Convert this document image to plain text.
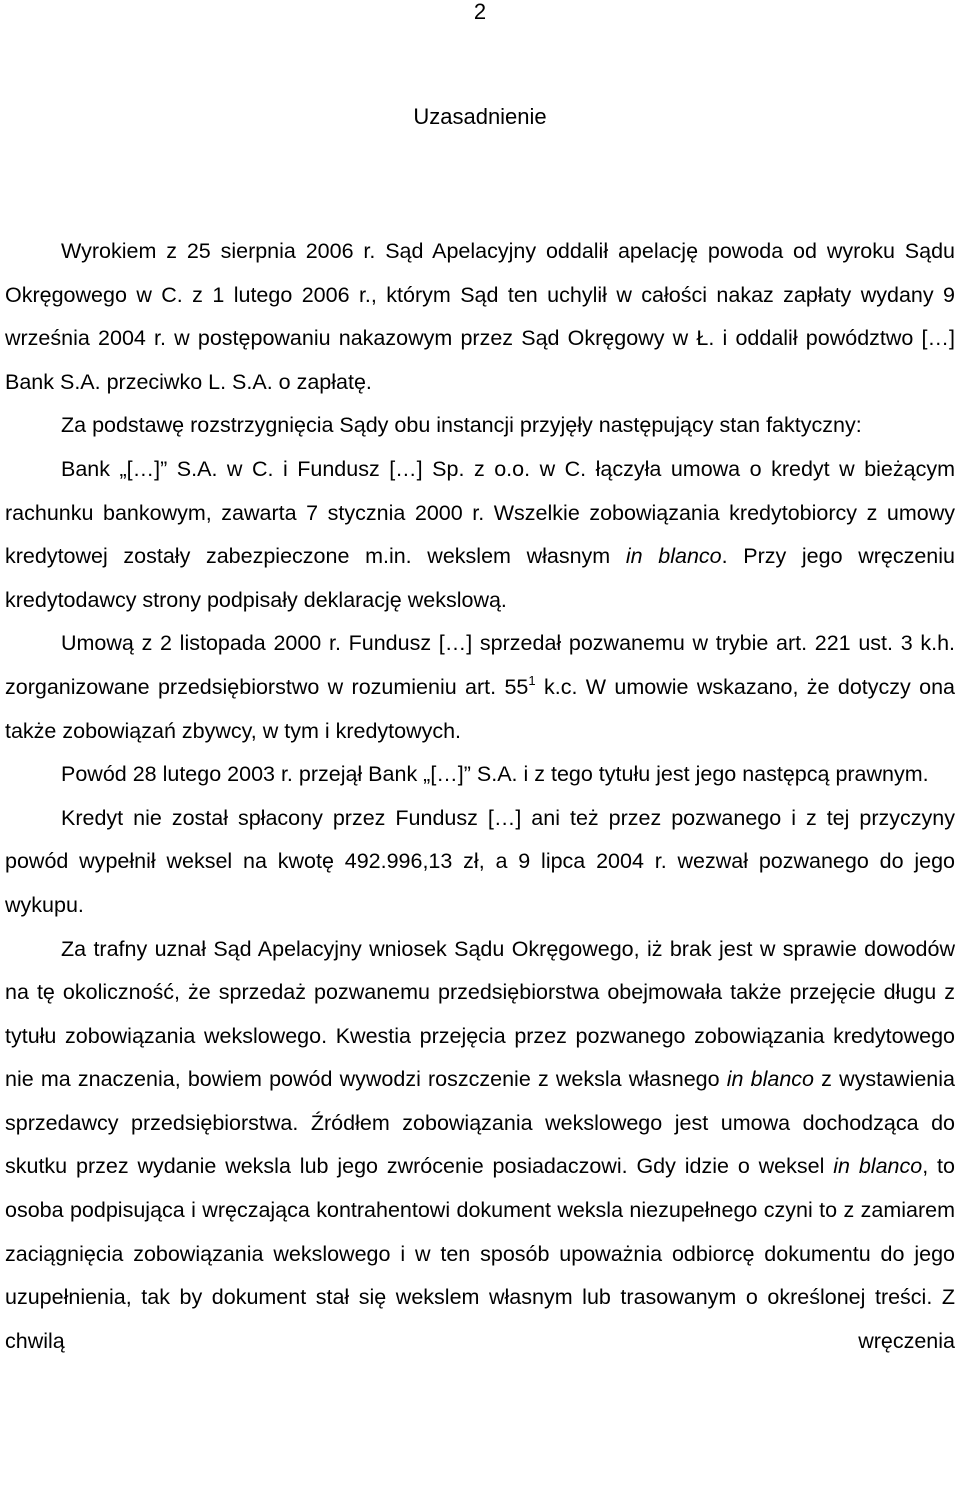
2
Uzasadnienie

Wyrokiem z 25 sierpnia 2006 r. Sąd Apelacyjny oddalił apelację powoda od wyroku Sądu Okręgowego w C. z 1 lutego 2006 r., którym Sąd ten uchylił w całości nakaz zapłaty wydany 9 września 2004 r. w postępowaniu nakazowym przez Sąd Okręgowy w Ł. i oddalił powództwo […] Bank S.A. przeciwko L. S.A. o zapłatę.

Za podstawę rozstrzygnięcia Sądy obu instancji przyjęły następujący stan faktyczny:

Bank „[…]” S.A. w C. i Fundusz […] Sp. z o.o. w C. łączyła umowa o kredyt w bieżącym rachunku bankowym, zawarta 7 stycznia 2000 r. Wszelkie zobowiązania kredytobiorcy z umowy kredytowej zostały zabezpieczone m.in. wekslem własnym in blanco. Przy jego wręczeniu kredytodawcy strony podpisały deklarację wekslową.

Umową z 2 listopada 2000 r. Fundusz […] sprzedał pozwanemu w trybie art. 221 ust. 3 k.h. zorganizowane przedsiębiorstwo w rozumieniu art. $55^1$ k.c. W umowie wskazano, że dotyczy ona także zobowiązań zbywcy, w tym i kredytowych.

Powód 28 lutego 2003 r. przejął Bank „[…]” S.A. i z tego tytułu jest jego następcą prawnym.

Kredyt nie został spłacony przez Fundusz […] ani też przez pozwanego i z tej przyczyny powód wypełnił weksel na kwotę 492.996,13 zł, a 9 lipca 2004 r. wezwał pozwanego do jego wykupu.

Za trafny uznał Sąd Apelacyjny wniosek Sądu Okręgowego, iż brak jest w sprawie dowodów na tę okoliczność, że sprzedaż pozwanemu przedsiębiorstwa obejmowała także przejęcie długu z tytułu zobowiązania wekslowego. Kwestia przejęcia przez pozwanego zobowiązania kredytowego nie ma znaczenia, bowiem powód wywodzi roszczenie z weksla własnego in blanco z wystawienia sprzedawcy przedsiębiorstwa. Źródłem zobowiązania wekslowego jest umowa dochodząca do skutku przez wydanie weksla lub jego zwrócenie posiadaczowi. Gdy idzie o weksel in blanco, to osoba podpisująca i wręczająca kontrahentowi dokument weksla niezupełnego czyni to z zamiarem zaciągnięcia zobowiązania wekslowego i w ten sposób upoważnia odbiorcę dokumentu do jego uzupełnienia, tak by dokument stał się wekslem własnym lub trasowanym o określonej treści. Z chwilą wręczenia
